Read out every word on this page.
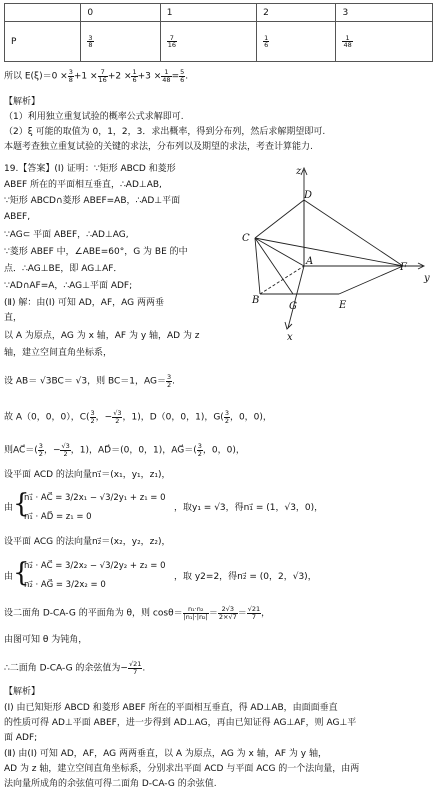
	0	1	2	3
P	$\frac{3}{8}$	$\frac{7}{16}$	$\frac{1}{6}$	$\frac{1}{48}$
所以 $E(\xi)=0 \times \frac{3}{8} +1 \times \frac{7}{16} +2 \times \frac{1}{6} +3 \times \frac{1}{48} = \frac{5}{6}$ .
【解析】
（1）利用独立重复试验的概率公式求解即可.
（2）ξ 可能的取值为 0，1，2，3．求出概率，得到分布列，然后求解期望即可.
本题考查独立重复试验的关键的求法，分布列以及期望的求法，考查计算能力.
19.【答案】(Ⅰ) 证明：∵矩形 ABCD 和菱形
ABEF 所在的平面相互垂直，∴AD⊥AB,
∵矩形 ABCD∩菱形 ABEF=AB，∴AD⊥平面
ABEF,
∵AG⊂ 平面 ABEF，∴AD⊥AG,
∵菱形 ABEF 中，∠ABE=60°，G 为 BE 的中
点．∴AG⊥BE，即 AG⊥AF．
∵AD∩AF=A，∴AG⊥平面 ADF;
(Ⅱ) 解：由(Ⅰ) 可知 AD，AF，AG 两两垂
直，
以 A 为原点，AG 为 x 轴，AF 为 y 轴，AD 为 z
轴，建立空间直角坐标系，
设 AB＝ √3BC＝ √3，则 BC＝1，$AG= \frac{3}{2}$ .
故 A（0，0，0），$C( \frac{3}{2}$ ，− $\frac{√3}{2}$ ，1)，D（0，0，1)，$G( \frac{3}{2}$ ，0，0)，
则AC⃗＝( $\frac{3}{2}$ ，− $\frac{√3}{2}$ ，1)，AD⃗＝(0，0，1)，AG⃗＝( $\frac{3}{2}$ ，0，0)，
设平面 ACD 的法向量n₁⃗＝(x₁，y₁，z₁)，
由 {
n₁⃗ · AC⃗ = 3/2x₁ − √3/2y₁ + z₁ = 0
n₁⃗ · AD⃗ = z₁ = 0
，取y₁ = √3，得n₁⃗ = (1，√3，0)，
设平面 ACG 的法向量n₂⃗＝(x₂，y₂，z₂)，
由 {
n₂⃗ · AC⃗ = 3/2x₂ − √3/2y₂ + z₂ = 0
n₂⃗ · AG⃗ = 3/2x₂ = 0
，取 y2=2，得n₂⃗ = (0，2，√3)，
设二面角 D-CA-G 的平面角为 θ，则 $\cos\theta= \frac{\text{n₁·n₂}}{\text{|n₁|·|n₂|}} = \frac{2√3}{2\times√7} = \frac{√21}{7}$ ，
由图可知 θ 为钝角，
∴二面角 D-CA-G 的余弦值为− $\frac{√21}{7}$ .
【解析】
(Ⅰ) 由已知矩形 ABCD 和菱形 ABEF 所在的平面相互垂直，得 AD⊥AB，由面面垂直
的性质可得 AD⊥平面 ABEF，进一步得到 AD⊥AG，再由已知证得 AG⊥AF，则 AG⊥平
面 ADF;
(Ⅱ) 由(Ⅰ) 可知 AD，AF，AG 两两垂直，以 A 为原点，AG 为 x 轴，AF 为 y 轴，
AD 为 z 轴，建立空间直角坐标系，分别求出平面 ACD 与平面 ACG 的一个法向量，由两
法向量所成角的余弦值可得二面角 D-CA-G 的余弦值.
z
D
C
A
F
y
B
G	E
x
